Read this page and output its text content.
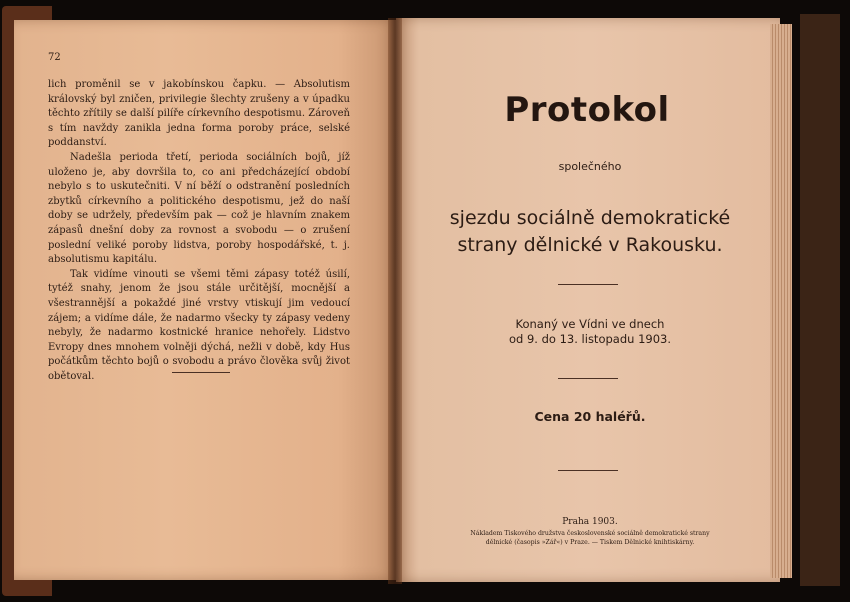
72

lich proměnil se v jakobínskou čapku. — Absolutism královský byl zničen, privilegie šlechty zrušeny a v úpadku těchto zřítily se další pilíře církevního despotismu. Zároveň s tím navždy zanikla jedna forma poroby práce, selské poddanství.

Nadešla perioda třetí, perioda sociálních bojů, jíž uloženo je, aby dovršila to, co ani předcházející období nebylo s to uskutečniti. V ní běží o odstranění posledních zbytků církevního a politického despotismu, jež do naší doby se udržely, především pak — což je hlavním znakem zápasů dnešní doby za rovnost a svobodu — o zrušení poslední veliké poroby lidstva, poroby hospodářské, t. j. absolutismu kapitálu.

Tak vidíme vinouti se všemi těmi zápasy totéž úsilí, tytéž snahy, jenom že jsou stále určitější, mocnější a všestrannější a pokaždé jiné vrstvy vtiskují jim vedoucí zájem; a vidíme dále, že nadarmo všecky ty zápasy vedeny nebyly, že nadarmo kostnické hranice nehořely. Lidstvo Evropy dnes mnohem volněji dýchá, nežli v době, kdy Hus počátkům těchto bojů o svobodu a právo člověka svůj život obětoval.

Protokol
společného
sjezdu sociálně demokratické
strany dělnické v Rakousku.
Konaný ve Vídni ve dnech
od 9. do 13. listopadu 1903.
Cena 20 haléřů.
Praha 1903.
Nákladem Tiskového družstva československé sociálně demokratické strany
dělnické (časopis »Zář«) v Praze. — Tiskem Dělnické knihtiskárny.
